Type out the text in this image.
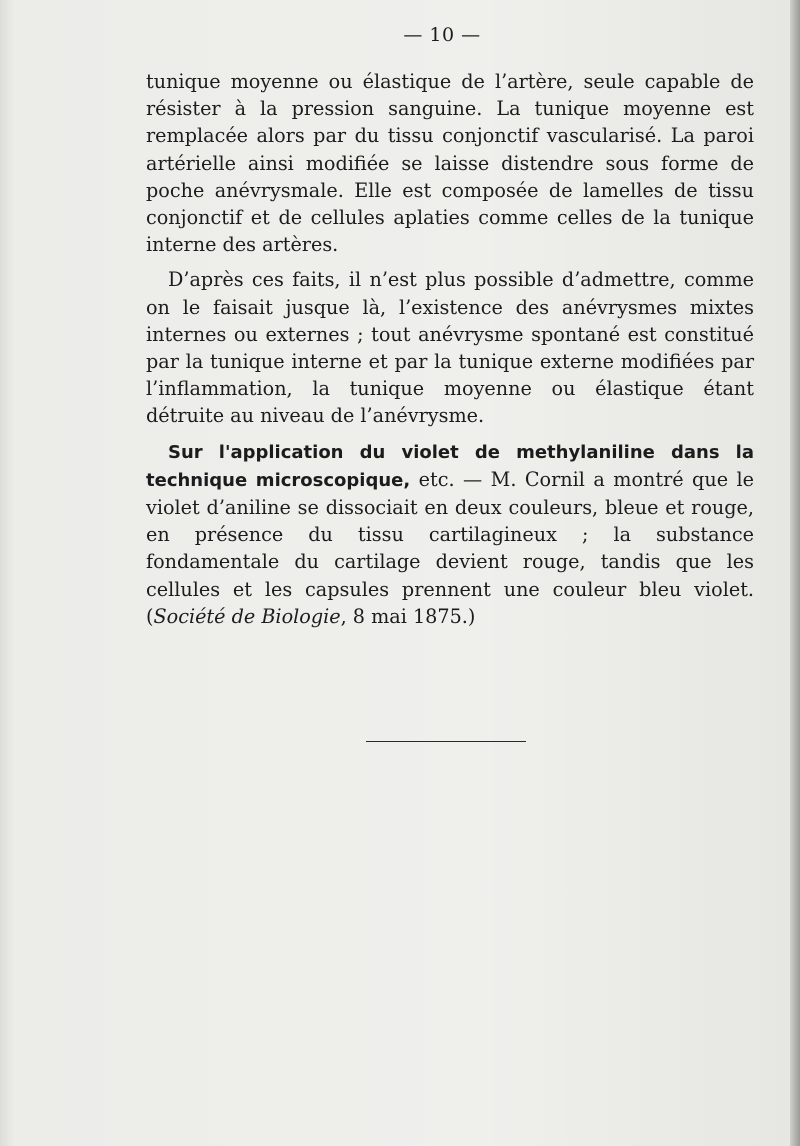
— 10 —

tunique moyenne ou élastique de l’artère, seule capable de résister à la pression sanguine. La tunique moyenne est remplacée alors par du tissu conjonctif vascularisé. La paroi artérielle ainsi modifiée se laisse distendre sous forme de poche anévrysmale. Elle est composée de lamelles de tissu conjonctif et de cellules aplaties comme celles de la tunique interne des artères.

D’après ces faits, il n’est plus possible d’admettre, comme on le faisait jusque là, l’existence des anévrysmes mixtes internes ou externes ; tout anévrysme spontané est constitué par la tunique interne et par la tunique externe modifiées par l’inflammation, la tunique moyenne ou élastique étant détruite au niveau de l’anévrysme.

Sur l'application du violet de methylaniline dans la technique microscopique, etc. — M. Cornil a montré que le violet d’aniline se dissociait en deux couleurs, bleue et rouge, en présence du tissu cartilagineux ; la substance fondamentale du cartilage devient rouge, tandis que les cellules et les capsules prennent une couleur bleu violet. (Société de Biologie, 8 mai 1875.)
